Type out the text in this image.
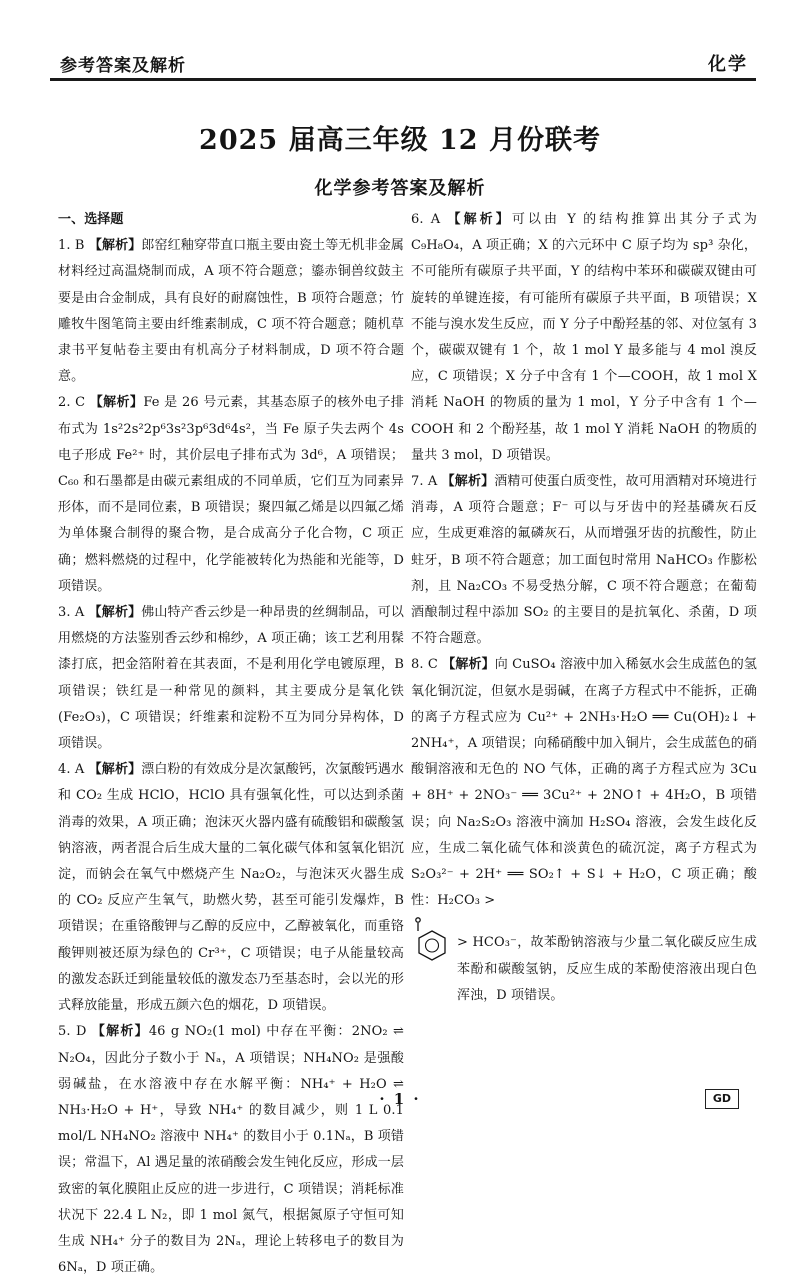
参考答案及解析	化学
2025 届高三年级 12 月份联考
化学参考答案及解析

一、选择题

1. B 【解析】郎窑红釉穿带直口瓶主要由瓷土等无机非金属材料经过高温烧制而成，A 项不符合题意；鎏赤铜兽纹鼓主要是由合金制成，具有良好的耐腐蚀性，B 项符合题意；竹雕牧牛图笔筒主要由纤维素制成，C 项不符合题意；随机草隶书平复帖卷主要由有机高分子材料制成，D 项不符合题意。

2. C 【解析】Fe 是 26 号元素，其基态原子的核外电子排布式为 1s²2s²2p⁶3s²3p⁶3d⁶4s²，当 Fe 原子失去两个 4s 电子形成 Fe²⁺ 时，其价层电子排布式为 3d⁶，A 项错误；C₆₀ 和石墨都是由碳元素组成的不同单质，它们互为同素异形体，而不是同位素，B 项错误；聚四氟乙烯是以四氟乙烯为单体聚合制得的聚合物，是合成高分子化合物，C 项正确；燃料燃烧的过程中，化学能被转化为热能和光能等，D 项错误。

3. A 【解析】佛山特产香云纱是一种昂贵的丝绸制品，可以用燃烧的方法鉴别香云纱和棉纱，A 项正确；该工艺利用髹漆打底，把金箔附着在其表面，不是利用化学电镀原理，B 项错误；铁红是一种常见的颜料，其主要成分是氧化铁(Fe₂O₃)，C 项错误；纤维素和淀粉不互为同分异构体，D 项错误。

4. A 【解析】漂白粉的有效成分是次氯酸钙，次氯酸钙遇水和 CO₂ 生成 HClO，HClO 具有强氧化性，可以达到杀菌消毒的效果，A 项正确；泡沫灭火器内盛有硫酸铝和碳酸氢钠溶液，两者混合后生成大量的二氧化碳气体和氢氧化铝沉淀，而钠会在氧气中燃烧产生 Na₂O₂，与泡沫灭火器生成的 CO₂ 反应产生氧气，助燃火势，甚至可能引发爆炸，B 项错误；在重铬酸钾与乙醇的反应中，乙醇被氧化，而重铬酸钾则被还原为绿色的 Cr³⁺，C 项错误；电子从能量较高的激发态跃迁到能量较低的激发态乃至基态时，会以光的形式释放能量，形成五颜六色的烟花，D 项错误。

5. D 【解析】46 g NO₂(1 mol) 中存在平衡：2NO₂ ⇌ N₂O₄，因此分子数小于 Nₐ，A 项错误；NH₄NO₂ 是强酸弱碱盐，在水溶液中存在水解平衡：NH₄⁺ + H₂O ⇌ NH₃·H₂O + H⁺，导致 NH₄⁺ 的数目减少，则 1 L 0.1 mol/L NH₄NO₂ 溶液中 NH₄⁺ 的数目小于 0.1Nₐ，B 项错误；常温下，Al 遇足量的浓硝酸会发生钝化反应，形成一层致密的氧化膜阻止反应的进一步进行，C 项错误；消耗标准状况下 22.4 L N₂，即 1 mol 氮气，根据氮原子守恒可知生成 NH₄⁺ 分子的数目为 2Nₐ，理论上转移电子的数目为 6Nₐ，D 项正确。

6. A 【解析】可以由 Y 的结构推算出其分子式为 C₉H₈O₄，A 项正确；X 的六元环中 C 原子均为 sp³ 杂化，不可能所有碳原子共平面，Y 的结构中苯环和碳碳双键由可旋转的单键连接，有可能所有碳原子共平面，B 项错误；X 不能与溴水发生反应，而 Y 分子中酚羟基的邻、对位氢有 3 个，碳碳双键有 1 个，故 1 mol Y 最多能与 4 mol 溴反应，C 项错误；X 分子中含有 1 个—COOH，故 1 mol X 消耗 NaOH 的物质的量为 1 mol，Y 分子中含有 1 个—COOH 和 2 个酚羟基，故 1 mol Y 消耗 NaOH 的物质的量共 3 mol，D 项错误。

7. A 【解析】酒精可使蛋白质变性，故可用酒精对环境进行消毒，A 项符合题意；F⁻ 可以与牙齿中的羟基磷灰石反应，生成更难溶的氟磷灰石，从而增强牙齿的抗酸性，防止蛀牙，B 项不符合题意；加工面包时常用 NaHCO₃ 作膨松剂，且 Na₂CO₃ 不易受热分解，C 项不符合题意；在葡萄酒酿制过程中添加 SO₂ 的主要目的是抗氧化、杀菌，D 项不符合题意。

8. C 【解析】向 CuSO₄ 溶液中加入稀氨水会生成蓝色的氢氧化铜沉淀，但氨水是弱碱，在离子方程式中不能拆，正确的离子方程式应为 Cu²⁺ + 2NH₃·H₂O ══ Cu(OH)₂↓ + 2NH₄⁺，A 项错误；向稀硝酸中加入铜片，会生成蓝色的硝酸铜溶液和无色的 NO 气体，正确的离子方程式应为 3Cu + 8H⁺ + 2NO₃⁻ ══ 3Cu²⁺ + 2NO↑ + 4H₂O，B 项错误；向 Na₂S₂O₃ 溶液中滴加 H₂SO₄ 溶液，会发生歧化反应，生成二氧化硫气体和淡黄色的硫沉淀，离子方程式为 S₂O₃²⁻ + 2H⁺ ══ SO₂↑ + S↓ + H₂O，C 项正确；酸性：H₂CO₃ >

> HCO₃⁻，故苯酚钠溶液与少量二氧化碳反应生成苯酚和碳酸氢钠，反应生成的苯酚使溶液出现白色浑浊，D 项错误。
· 1 ·	GD
